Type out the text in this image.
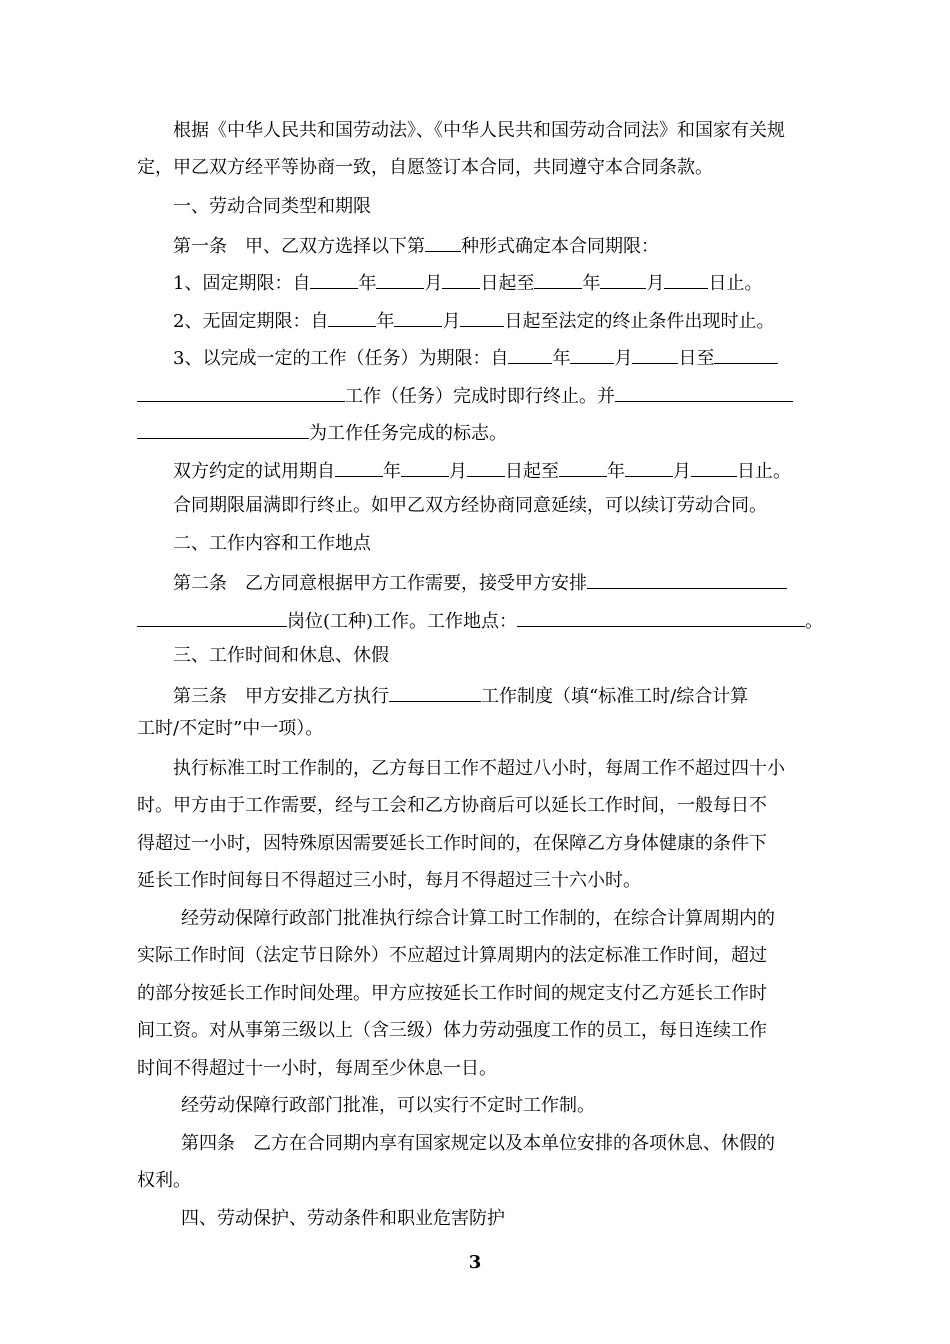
根据《中华人民共和国劳动法》、《中华人民共和国劳动合同法》和国家有关规
定，甲乙双方经平等协商一致，自愿签订本合同，共同遵守本合同条款。
一、劳动合同类型和期限
第一条　甲、乙双方选择以下第 种形式确定本合同期限：
1、固定期限：自	年	月 日起至	年	月 日止。
2、无固定期限：自	年	月 日起至法定的终止条件出现时止。
3、以完成一定的工作（任务）为期限：自 年 月	日至
工作（任务）完成时即行终止。并
为工作任务完成的标志。
双方约定的试用期自	年	月 日起至	年	月	日止。
合同期限届满即行终止。如甲乙双方经协商同意延续，可以续订劳动合同。
二、工作内容和工作地点
第二条　乙方同意根据甲方工作需要，接受甲方安排
岗位(工种)工作。工作地点：	。
三、工作时间和休息、休假
第三条　甲方安排乙方执行	工作制度（填“标准工时/综合计算
工时/不定时”中一项）。
执行标准工时工作制的，乙方每日工作不超过八小时，每周工作不超过四十小
时。甲方由于工作需要，经与工会和乙方协商后可以延长工作时间，一般每日不
得超过一小时，因特殊原因需要延长工作时间的，在保障乙方身体健康的条件下
延长工作时间每日不得超过三小时，每月不得超过三十六小时。
经劳动保障行政部门批准执行综合计算工时工作制的，在综合计算周期内的
实际工作时间（法定节日除外）不应超过计算周期内的法定标准工作时间，超过
的部分按延长工作时间处理。甲方应按延长工作时间的规定支付乙方延长工作时
间工资。对从事第三级以上（含三级）体力劳动强度工作的员工，每日连续工作
时间不得超过十一小时，每周至少休息一日。
经劳动保障行政部门批准，可以实行不定时工作制。
第四条　乙方在合同期内享有国家规定以及本单位安排的各项休息、休假的
权利。
四、劳动保护、劳动条件和职业危害防护
3
